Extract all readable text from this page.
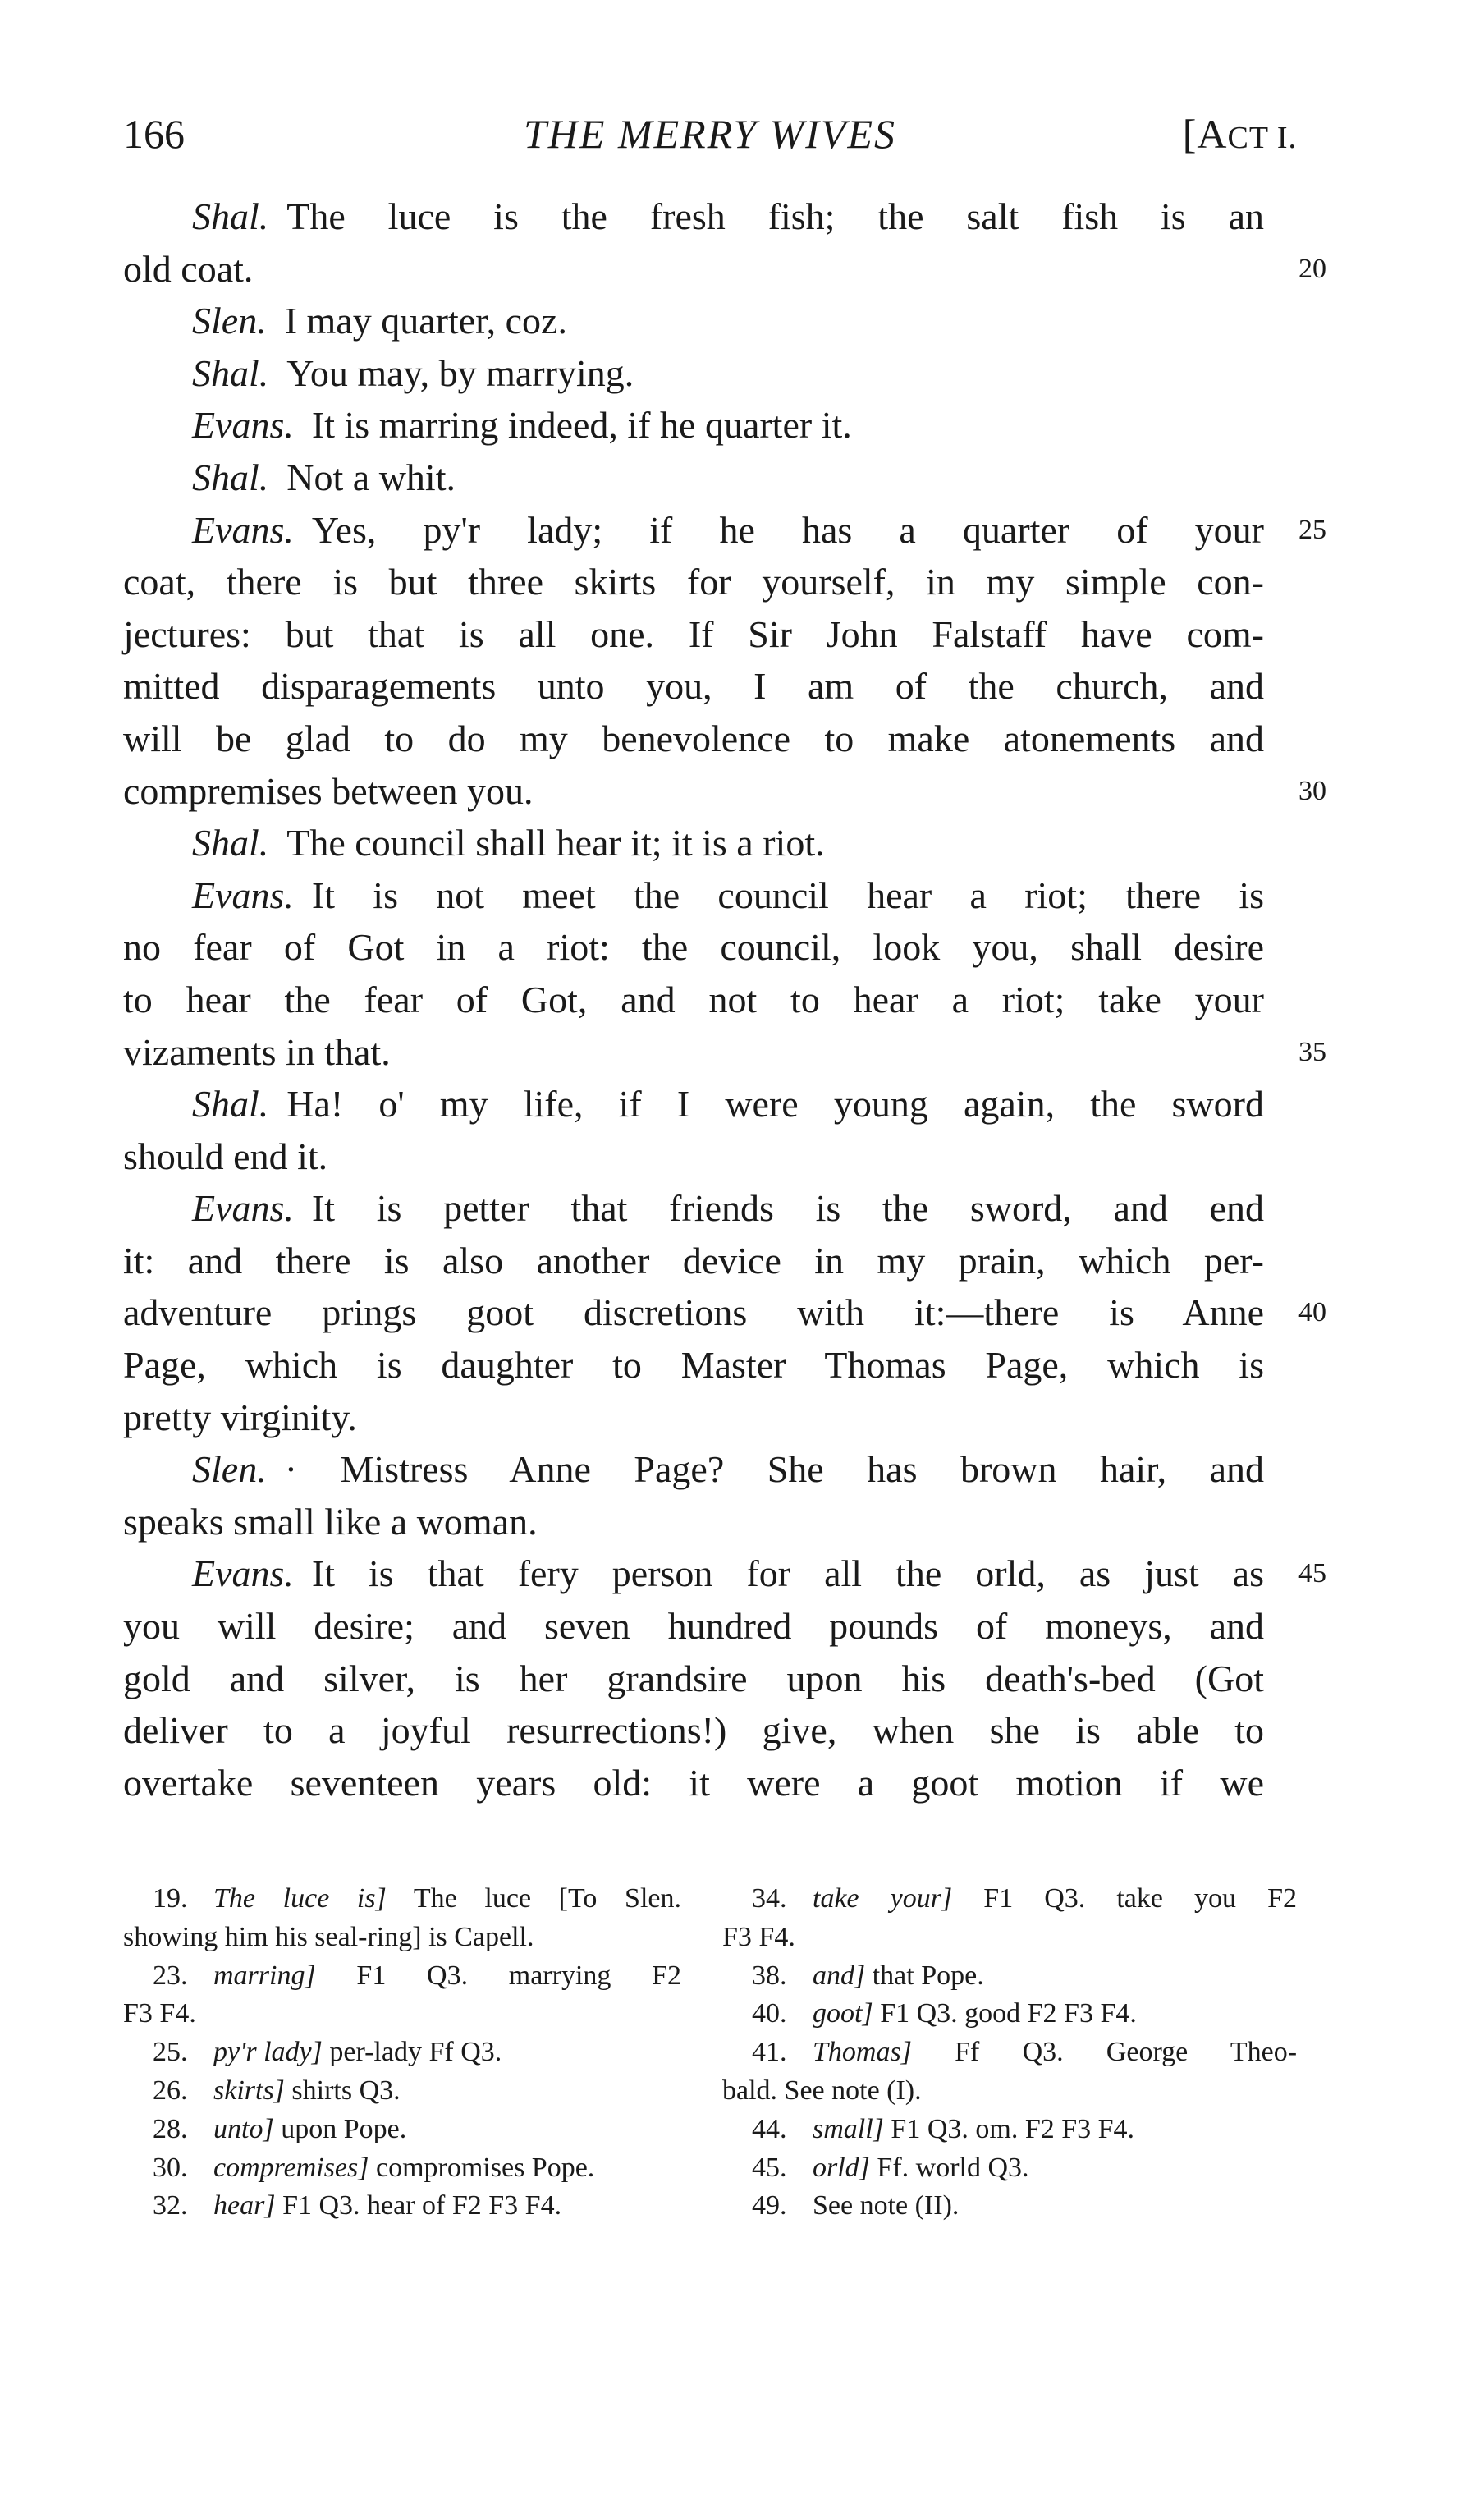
166	THE MERRY WIVES	[ACT I.
Shal. The luce is the fresh fish; the salt fish is an
old coat.	20
Slen. I may quarter, coz.
Shal. You may, by marrying.
Evans. It is marring indeed, if he quarter it.
Shal. Not a whit.
Evans. Yes, py'r lady; if he has a quarter of your 25
coat, there is but three skirts for yourself, in my simple con-
jectures: but that is all one. If Sir John Falstaff have com-
mitted disparagements unto you, I am of the church, and
will be glad to do my benevolence to make atonements and
compremises between you.	30
Shal. The council shall hear it; it is a riot.
Evans. It is not meet the council hear a riot; there is
no fear of Got in a riot: the council, look you, shall desire
to hear the fear of Got, and not to hear a riot; take your
vizaments in that.	35
Shal. Ha! o' my life, if I were young again, the sword
should end it.
Evans. It is petter that friends is the sword, and end
it: and there is also another device in my prain, which per-
adventure prings goot discretions with it:—there is Anne 40
Page, which is daughter to Master Thomas Page, which is
pretty virginity.
Slen. · Mistress Anne Page? She has brown hair, and
speaks small like a woman.
Evans. It is that fery person for all the orld, as just as 45
you will desire; and seven hundred pounds of moneys, and
gold and silver, is her grandsire upon his death's-bed (Got
deliver to a joyful resurrections!) give, when she is able to
overtake seventeen years old: it were a goot motion if we
19. The luce is] The luce [To Slen.
showing him his seal-ring] is Capell.
23. marring] F1 Q3. marrying F2
F3 F4.
25. py'r lady] per-lady Ff Q3.
26. skirts] shirts Q3.
28. unto] upon Pope.
30. compremises] compromises Pope.
32. hear] F1 Q3. hear of F2 F3 F4.
34. take your] F1 Q3. take you F2
F3 F4.
38. and] that Pope.
40. goot] F1 Q3. good F2 F3 F4.
41. Thomas] Ff Q3. George Theo-
bald. See note (I).
44. small] F1 Q3. om. F2 F3 F4.
45. orld] Ff. world Q3.
49. See note (II).
